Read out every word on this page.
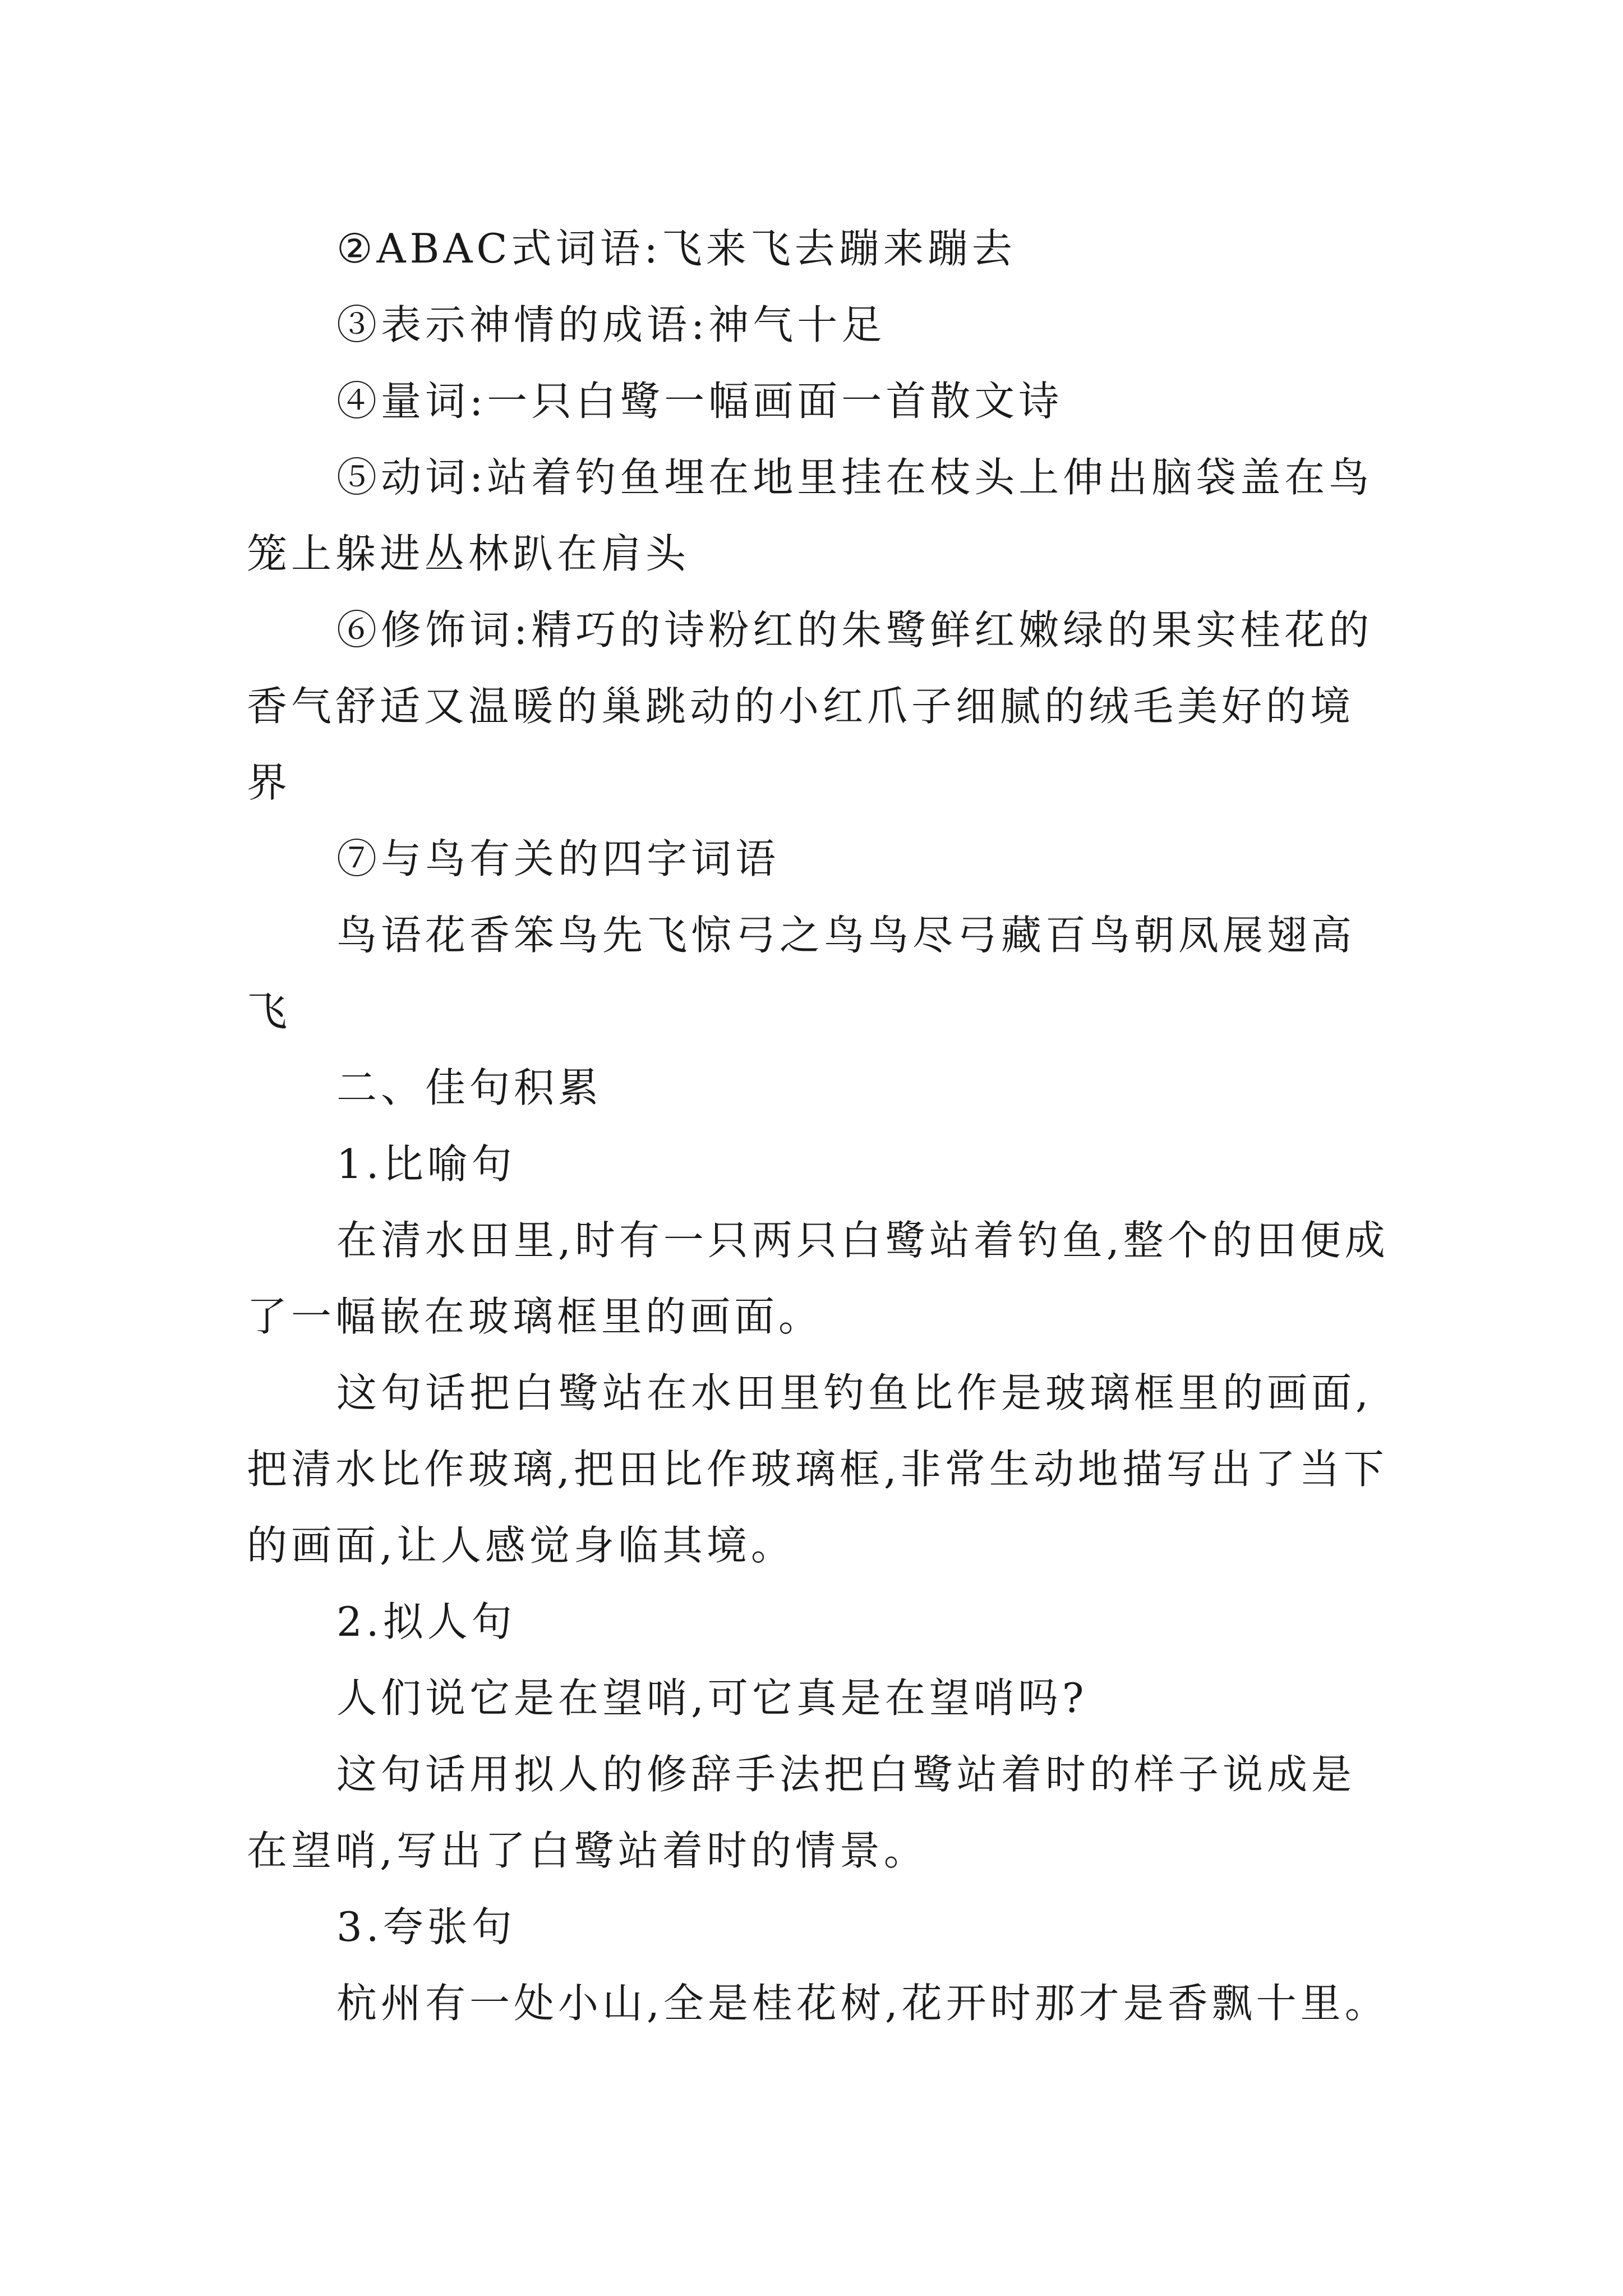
②ABAC式词语:飞来飞去蹦来蹦去

③表示神情的成语:神气十足

④量词:一只白鹭一幅画面一首散文诗

⑤动词:站着钓鱼埋在地里挂在枝头上伸出脑袋盖在鸟笼上躲进丛林趴在肩头

⑥修饰词:精巧的诗粉红的朱鹭鲜红嫩绿的果实桂花的香气舒适又温暖的巢跳动的小红爪子细腻的绒毛美好的境界

⑦与鸟有关的四字词语

鸟语花香笨鸟先飞惊弓之鸟鸟尽弓藏百鸟朝凤展翅高飞

二、佳句积累

1.比喻句

在清水田里,时有一只两只白鹭站着钓鱼,整个的田便成了一幅嵌在玻璃框里的画面。

这句话把白鹭站在水田里钓鱼比作是玻璃框里的画面,把清水比作玻璃,把田比作玻璃框,非常生动地描写出了当下的画面,让人感觉身临其境。

2.拟人句

人们说它是在望哨,可它真是在望哨吗?

这句话用拟人的修辞手法把白鹭站着时的样子说成是在望哨,写出了白鹭站着时的情景。

3.夸张句

杭州有一处小山,全是桂花树,花开时那才是香飘十里。
